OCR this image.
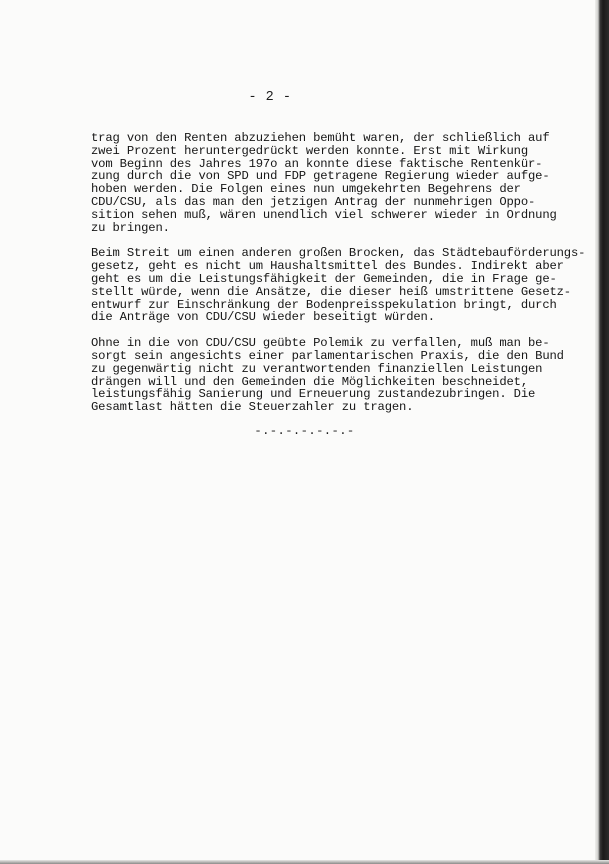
- 2 -
trag von den Renten abzuziehen bemüht waren, der schließlich auf
zwei Prozent heruntergedrückt werden konnte. Erst mit Wirkung
vom Beginn des Jahres 197o an konnte diese faktische Rentenkür-
zung durch die von SPD und FDP getragene Regierung wieder aufge-
hoben werden. Die Folgen eines nun umgekehrten Begehrens der
CDU/CSU, als das man den jetzigen Antrag der nunmehrigen Oppo-
sition sehen muß, wären unendlich viel schwerer wieder in Ordnung
zu bringen.
Beim Streit um einen anderen großen Brocken, das Städtebauförderungs-
gesetz, geht es nicht um Haushaltsmittel des Bundes. Indirekt aber
geht es um die Leistungsfähigkeit der Gemeinden, die in Frage ge-
stellt würde, wenn die Ansätze, die dieser heiß umstrittene Gesetz-
entwurf zur Einschränkung der Bodenpreisspekulation bringt, durch
die Anträge von CDU/CSU wieder beseitigt würden.
Ohne in die von CDU/CSU geübte Polemik zu verfallen, muß man be-
sorgt sein angesichts einer parlamentarischen Praxis, die den Bund
zu gegenwärtig nicht zu verantwortenden finanziellen Leistungen
drängen will und den Gemeinden die Möglichkeiten beschneidet,
leistungsfähig Sanierung und Erneuerung zustandezubringen. Die
Gesamtlast hätten die Steuerzahler zu tragen.
-.-.-.-.-.-.-
